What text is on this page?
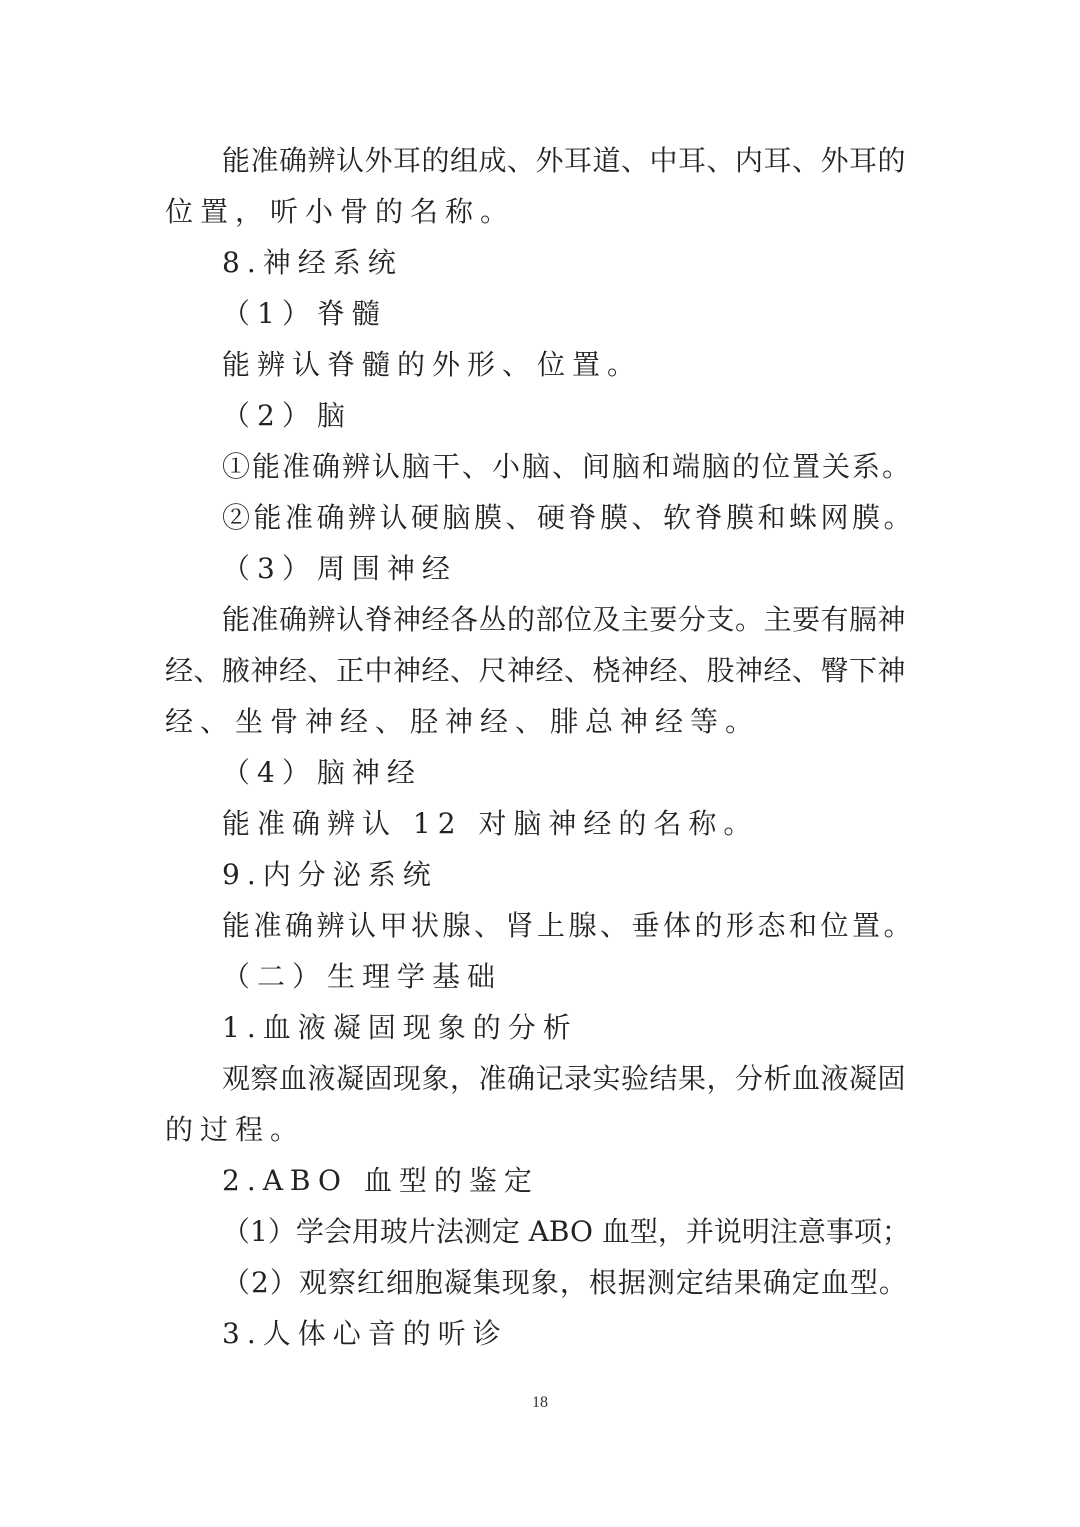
能准确辨认外耳的组成、外耳道、中耳、内耳、外耳的
位置，听小骨的名称。
8.神经系统
（1）脊髓
能辨认脊髓的外形、位置。
（2）脑
①能准确辨认脑干、小脑、间脑和端脑的位置关系。
②能准确辨认硬脑膜、硬脊膜、软脊膜和蛛网膜。
（3）周围神经
能准确辨认脊神经各丛的部位及主要分支。主要有膈神
经、腋神经、正中神经、尺神经、桡神经、股神经、臀下神
经、坐骨神经、胫神经、腓总神经等。
（4）脑神经
能准确辨认 12 对脑神经的名称。
9.内分泌系统
能准确辨认甲状腺、肾上腺、垂体的形态和位置。
（二）生理学基础
1.血液凝固现象的分析
观察血液凝固现象，准确记录实验结果，分析血液凝固
的过程。
2.ABO 血型的鉴定
（1）学会用玻片法测定 ABO 血型，并说明注意事项；
（2）观察红细胞凝集现象，根据测定结果确定血型。
3.人体心音的听诊
18
